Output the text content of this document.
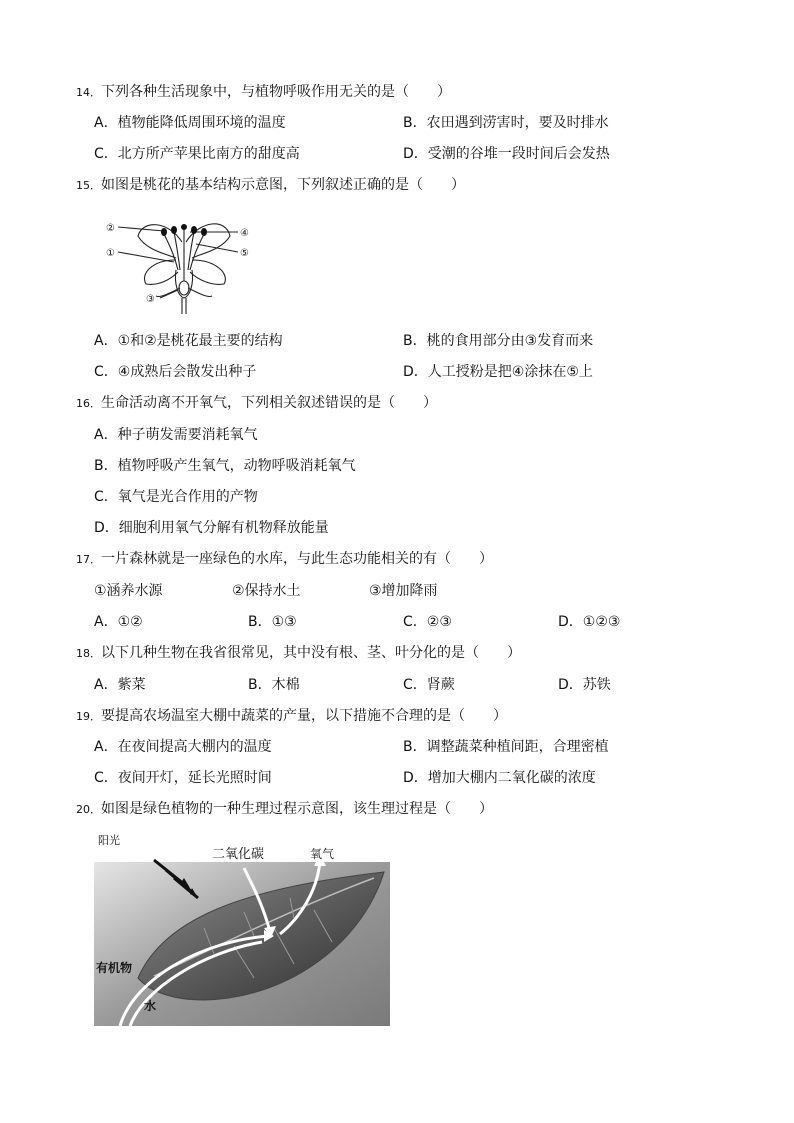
14．下列各种生活现象中，与植物呼吸作用无关的是（　　）
A．植物能降低周围环境的温度	B．农田遇到涝害时，要及时排水
C．北方所产苹果比南方的甜度高	D．受潮的谷堆一段时间后会发热
15．如图是桃花的基本结构示意图，下列叙述正确的是（　　）
②
①
③
④
⑤
A．①和②是桃花最主要的结构	B．桃的食用部分由③发育而来
C．④成熟后会散发出种子	D．人工授粉是把④涂抹在⑤上
16．生命活动离不开氧气，下列相关叙述错误的是（　　）
A．种子萌发需要消耗氧气
B．植物呼吸产生氧气，动物呼吸消耗氧气
C．氧气是光合作用的产物
D．细胞利用氧气分解有机物释放能量
17．一片森林就是一座绿色的水库，与此生态功能相关的有（　　）
①涵养水源	②保持水土	③增加降雨
A．①②	B．①③	C．②③	D．①②③
18．以下几种生物在我省很常见，其中没有根、茎、叶分化的是（　　）
A．紫菜	B．木棉	C．肾蕨	D．苏铁
19．要提高农场温室大棚中蔬菜的产量，以下措施不合理的是（　　）
A．在夜间提高大棚内的温度	B．调整蔬菜种植间距，合理密植
C．夜间开灯，延长光照时间	D．增加大棚内二氧化碳的浓度
20．如图是绿色植物的一种生理过程示意图，该生理过程是（　　）
阳光
二氧化碳	氧气
有机物
水
